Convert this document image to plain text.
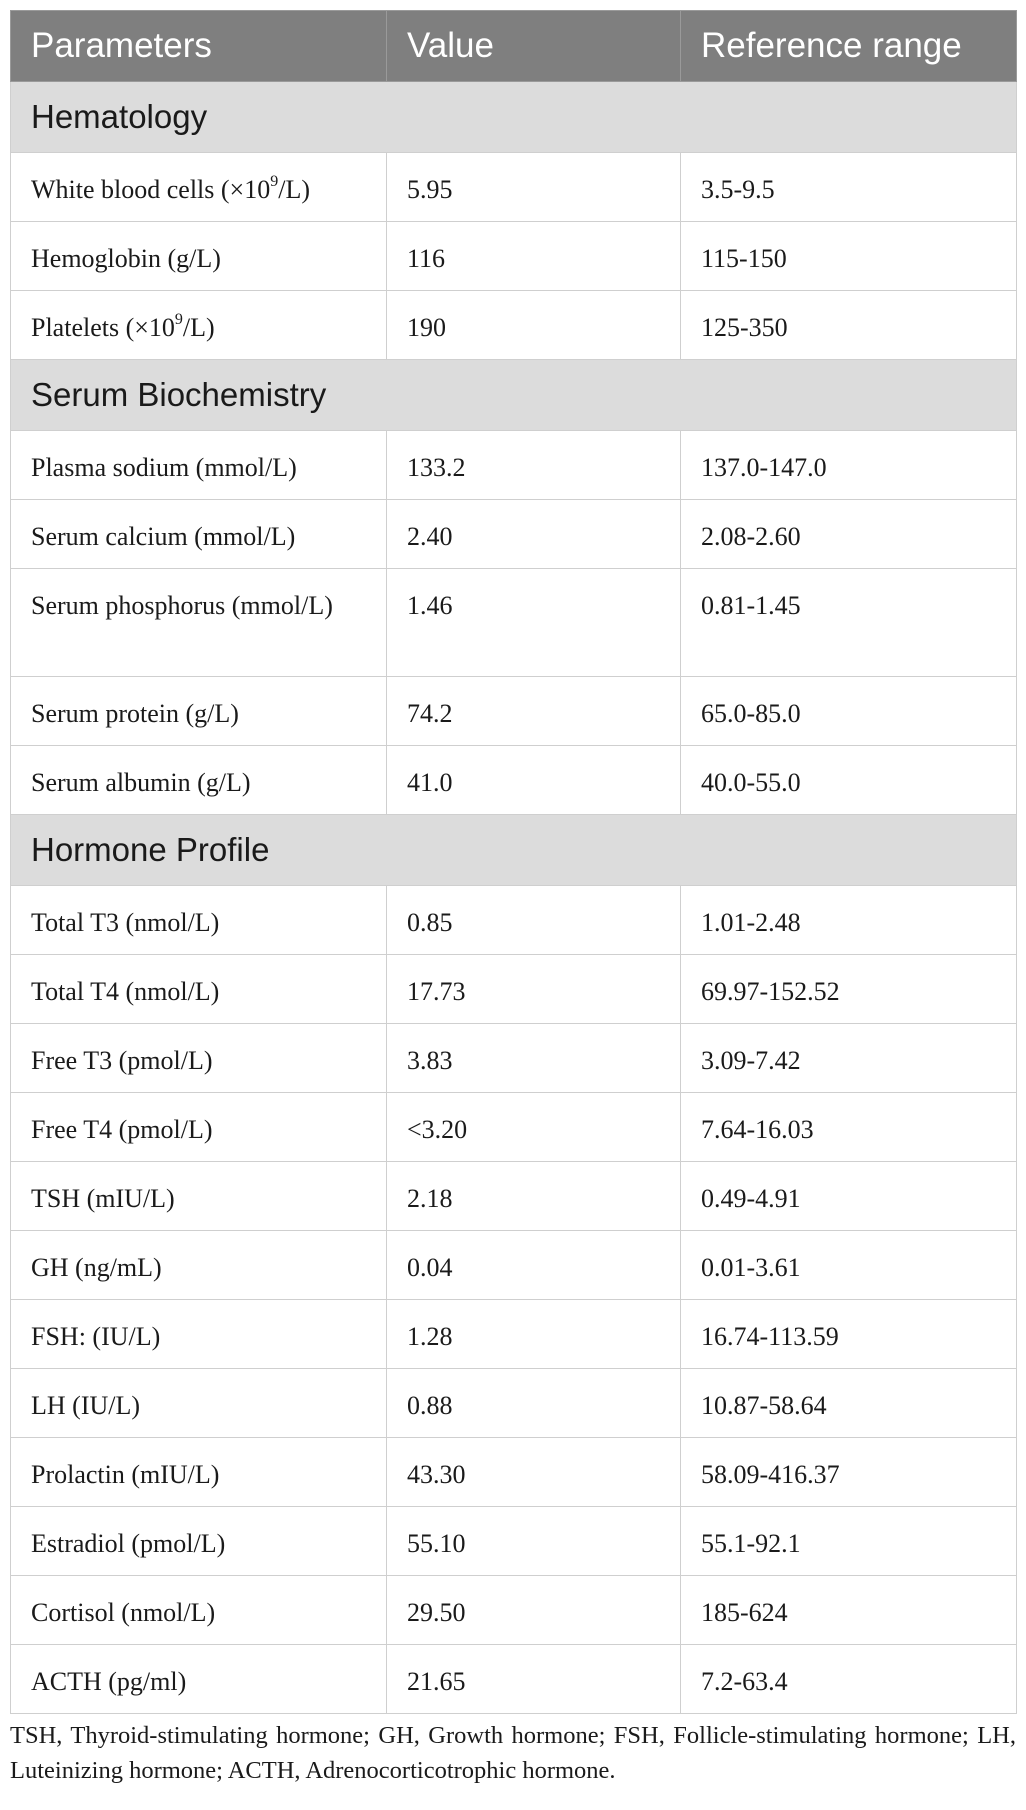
Parameters	Value	Reference range
Hematology		
White blood cells $(\times 10^9/L)$	5.95	3.5-9.5
Hemoglobin (g/L)	116	115-150
Platelets $(\times 10^9/L)$	190	125-350
Serum Biochemistry		
Plasma sodium (mmol/L)	133.2	137.0-147.0
Serum calcium (mmol/L)	2.40	2.08-2.60
Serum phosphorus (mmol/L)	1.46	0.81-1.45
Serum protein (g/L)	74.2	65.0-85.0
Serum albumin (g/L)	41.0	40.0-55.0
Hormone Profile		
Total T3 (nmol/L)	0.85	1.01-2.48
Total T4 (nmol/L)	17.73	69.97-152.52
Free T3 (pmol/L)	3.83	3.09-7.42
Free T4 (pmol/L)	<3.20	7.64-16.03
TSH (mIU/L)	2.18	0.49-4.91
GH (ng/mL)	0.04	0.01-3.61
FSH: (IU/L)	1.28	16.74-113.59
LH (IU/L)	0.88	10.87-58.64
Prolactin (mIU/L)	43.30	58.09-416.37
Estradiol (pmol/L)	55.10	55.1-92.1
Cortisol (nmol/L)	29.50	185-624
ACTH (pg/ml)	21.65	7.2-63.4
TSH, Thyroid-stimulating hormone; GH, Growth hormone; FSH, Follicle-stimulating hormone; LH, Luteinizing hormone; ACTH, Adrenocorticotrophic hormone.
